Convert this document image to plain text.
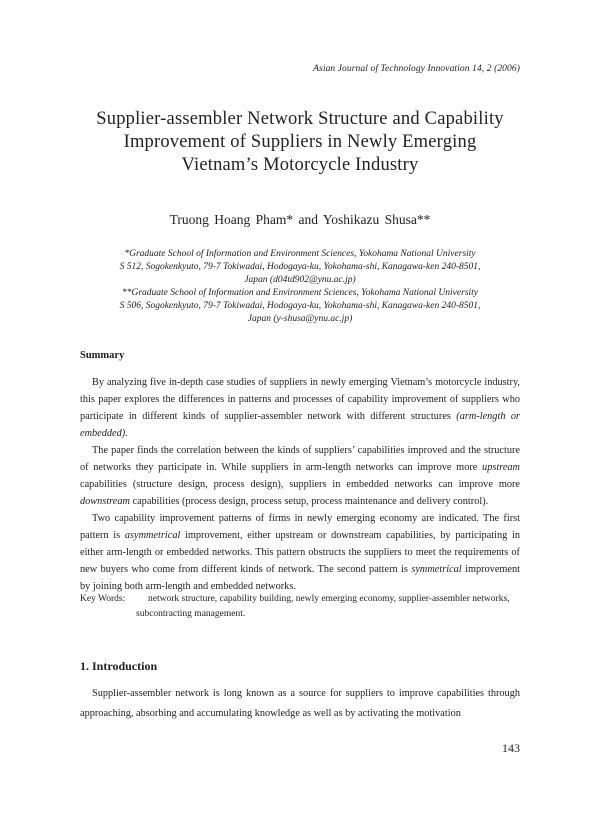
Asian Journal of Technology Innovation 14, 2 (2006)
Supplier-assembler Network Structure and Capability
Improvement of Suppliers in Newly Emerging
Vietnam’s Motorcycle Industry
Truong Hoang Pham* and Yoshikazu Shusa**
*Graduate School of Information and Environment Sciences, Yokohama National University
S 512, Sogokenkyuto, 79-7 Tokiwadai, Hodogaya-ku, Yokohama-shi, Kanagawa-ken 240-8501,
Japan (d04td902@ynu.ac.jp)
**Graduate School of Information and Environment Sciences, Yokohama National University
S 506, Sogokenkyuto, 79-7 Tokiwadai, Hodogaya-ku, Yokohama-shi, Kanagawa-ken 240-8501,
Japan (y-shusa@ynu.ac.jp)
Summary

By analyzing five in-depth case studies of suppliers in newly emerging Vietnam’s motorcycle industry, this paper explores the differences in patterns and processes of capability improvement of suppliers who participate in different kinds of supplier-assembler network with different structures (arm-length or embedded).

The paper finds the correlation between the kinds of suppliers’ capabilities improved and the structure of networks they participate in. While suppliers in arm-length networks can improve more upstream capabilities (structure design, process design), suppliers in embedded networks can improve more downstream capabilities (process design, process setup, process maintenance and delivery control).

Two capability improvement patterns of firms in newly emerging economy are indicated. The first pattern is asymmetrical improvement, either upstream or downstream capabilities, by participating in either arm-length or embedded networks. This pattern obstructs the suppliers to meet the requirements of new buyers who come from different kinds of network. The second pattern is symmetrical improvement by joining both arm-length and embedded networks.

Key Words: network structure, capability building, newly emerging economy, supplier-assembler networks,
subcontracting management.
1. Introduction

Supplier-assembler network is long known as a source for suppliers to improve capabilities through approaching, absorbing and accumulating knowledge as well as by activating the motivation

143
